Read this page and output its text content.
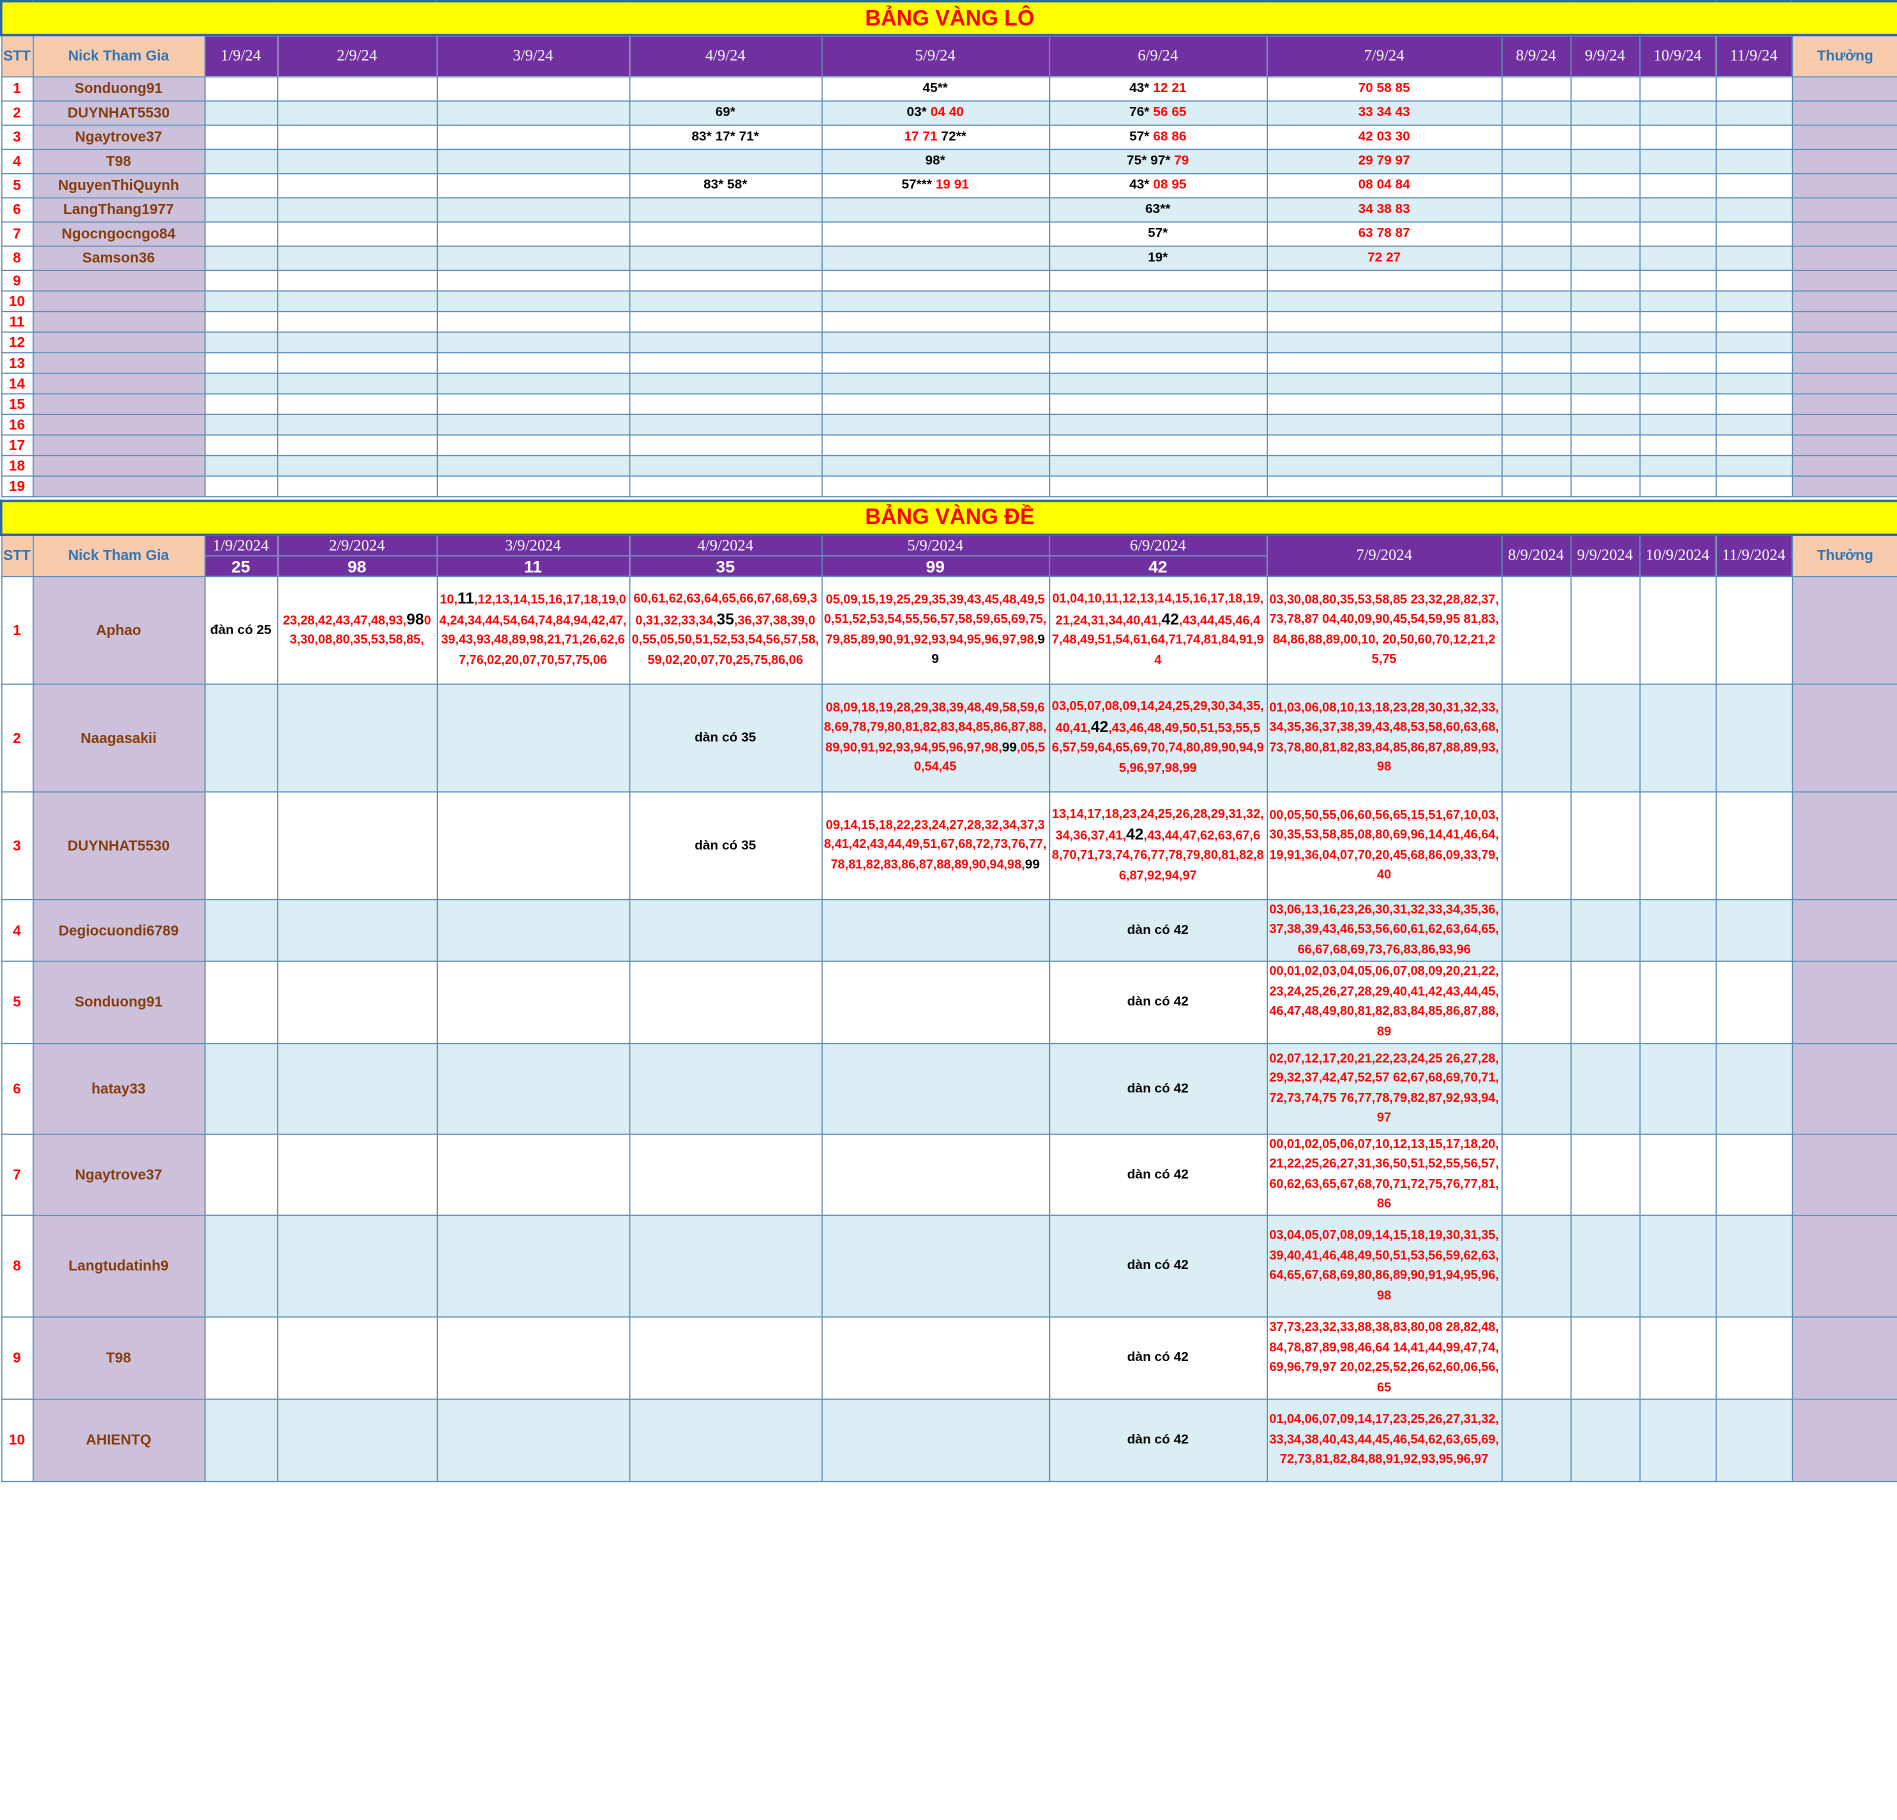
BẢNG VÀNG LÔ													
STT	Nick Tham Gia	1/9/24	2/9/24	3/9/24	4/9/24	5/9/24	6/9/24	7/9/24	8/9/24	9/9/24	10/9/24	11/9/24	Thưởng
1	Sonduong91					45**	43* 12 21	70 58 85					
2	DUYNHAT5530				69*	03* 04 40	76* 56 65	33 34 43					
3	Ngaytrove37				83* 17* 71*	17 71 72**	57* 68 86	42 03 30					
4	T98					98*	75* 97* 79	29 79 97					
5	NguyenThiQuynh				83* 58*	57*** 19 91	43* 08 95	08 04 84					
6	LangThang1977						63**	34 38 83					
7	Ngocngocngo84						57*	63 78 87					
8	Samson36						19*	72 27					
9													
10													
11													
12													
13													
14													
15													
16													
17													
18													
19													
BẢNG VÀNG ĐỀ													
STT	Nick Tham Gia	1/9/2024	2/9/2024	3/9/2024	4/9/2024	5/9/2024	6/9/2024	7/9/2024	8/9/2024	9/9/2024	10/9/2024	11/9/2024	Thưởng
		25	98	11	35	99	42						
1	Aphao	đàn có 25	23,28,42,43,47,48,93,9803,30,08,80,35,53,58,85,	10,11,12,13,14,15,16,17,18,19,04,24,34,44,54,64,74,84,94,42,47,39,43,93,48,89,98,21,71,26,62,67,76,02,20,07,70,57,75,06	60,61,62,63,64,65,66,67,68,69,30,31,32,33,34,35,36,37,38,39,00,55,05,50,51,52,53,54,56,57,58,59,02,20,07,70,25,75,86,06	05,09,15,19,25,29,35,39,43,45,48,49,50,51,52,53,54,55,56,57,58,59,65,69,75,79,85,89,90,91,92,93,94,95,96,97,98,99	01,04,10,11,12,13,14,15,16,17,18,19,21,24,31,34,40,41,42,43,44,45,46,47,48,49,51,54,61,64,71,74,81,84,91,94	03,30,08,80,35,53,58,85 23,32,28,82,37,73,78,87 04,40,09,90,45,54,59,95 81,83,84,86,88,89,00,10, 20,50,60,70,12,21,25,75					
2	Naagasakii				dàn có 35	08,09,18,19,28,29,38,39,48,49,58,59,68,69,78,79,80,81,82,83,84,85,86,87,88,89,90,91,92,93,94,95,96,97,98,99,05,50,54,45	03,05,07,08,09,14,24,25,29,30,34,35,40,41,42,43,46,48,49,50,51,53,55,56,57,59,64,65,69,70,74,80,89,90,94,95,96,97,98,99	01,03,06,08,10,13,18,23,28,30,31,32,33,34,35,36,37,38,39,43,48,53,58,60,63,68,73,78,80,81,82,83,84,85,86,87,88,89,93,98					
3	DUYNHAT5530				dàn có 35	09,14,15,18,22,23,24,27,28,32,34,37,38,41,42,43,44,49,51,67,68,72,73,76,77,78,81,82,83,86,87,88,89,90,94,98,99	13,14,17,18,23,24,25,26,28,29,31,32,34,36,37,41,42,43,44,47,62,63,67,68,70,71,73,74,76,77,78,79,80,81,82,86,87,92,94,97	00,05,50,55,06,60,56,65,15,51,67,10,03,30,35,53,58,85,08,80,69,96,14,41,46,64,19,91,36,04,07,70,20,45,68,86,09,33,79,40					
4	Degiocuondi6789						dàn có 42	03,06,13,16,23,26,30,31,32,33,34,35,36,37,38,39,43,46,53,56,60,61,62,63,64,65,66,67,68,69,73,76,83,86,93,96					
5	Sonduong91						dàn có 42	00,01,02,03,04,05,06,07,08,09,20,21,22,23,24,25,26,27,28,29,40,41,42,43,44,45,46,47,48,49,80,81,82,83,84,85,86,87,88,89					
6	hatay33						dàn có 42	02,07,12,17,20,21,22,23,24,25 26,27,28,29,32,37,42,47,52,57 62,67,68,69,70,71,72,73,74,75 76,77,78,79,82,87,92,93,94,97					
7	Ngaytrove37						dàn có 42	00,01,02,05,06,07,10,12,13,15,17,18,20,21,22,25,26,27,31,36,50,51,52,55,56,57,60,62,63,65,67,68,70,71,72,75,76,77,81,86					
8	Langtudatinh9						dàn có 42	03,04,05,07,08,09,14,15,18,19,30,31,35,39,40,41,46,48,49,50,51,53,56,59,62,63,64,65,67,68,69,80,86,89,90,91,94,95,96,98					
9	T98						dàn có 42	37,73,23,32,33,88,38,83,80,08 28,82,48,84,78,87,89,98,46,64 14,41,44,99,47,74,69,96,79,97 20,02,25,52,26,62,60,06,56,65					
10	AHIENTQ						dàn có 42	01,04,06,07,09,14,17,23,25,26,27,31,32,33,34,38,40,43,44,45,46,54,62,63,65,69,72,73,81,82,84,88,91,92,93,95,96,97					
